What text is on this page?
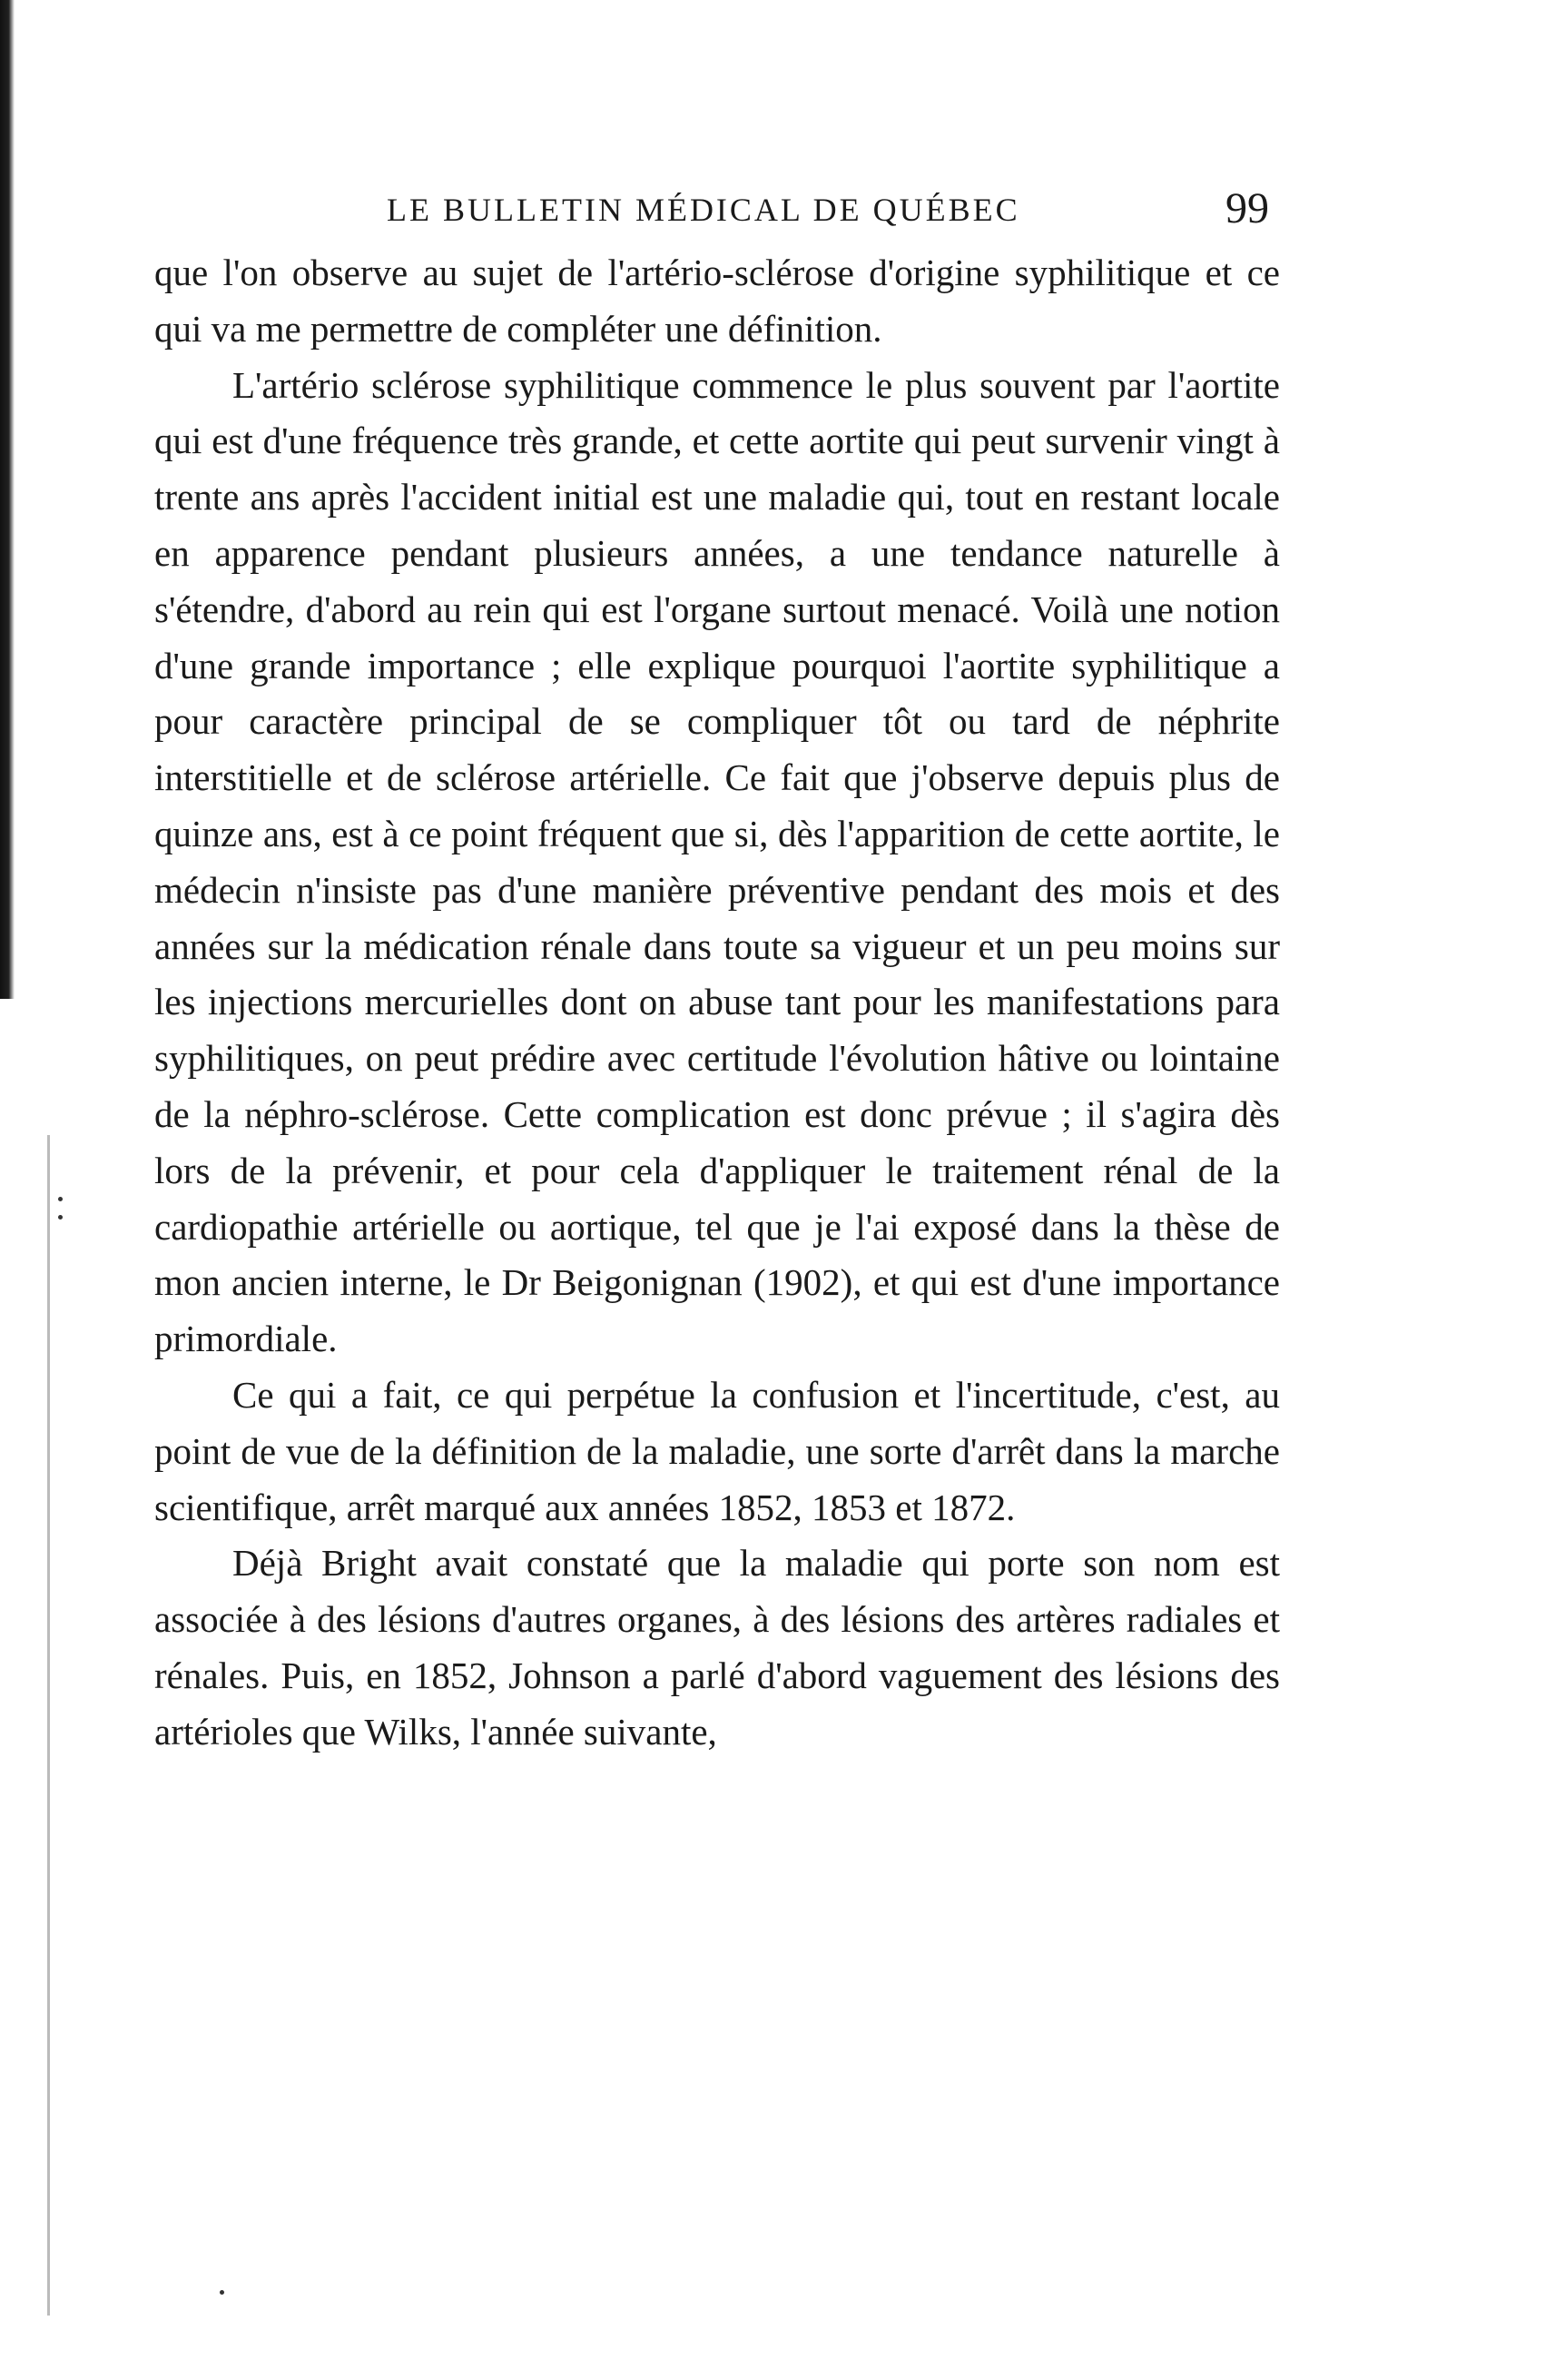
LE BULLETIN MÉDICAL DE QUÉBEC	99

que l'on observe au sujet de l'artério-sclérose d'origine syphilitique et ce qui va me permettre de compléter une définition.

L'artério sclérose syphilitique commence le plus souvent par l'aortite qui est d'une fréquence très grande, et cette aortite qui peut survenir vingt à trente ans après l'accident initial est une maladie qui, tout en restant locale en apparence pendant plusieurs années, a une tendance naturelle à s'étendre, d'abord au rein qui est l'organe surtout menacé. Voilà une notion d'une grande importance ; elle explique pourquoi l'aortite syphilitique a pour caractère principal de se compliquer tôt ou tard de néphrite interstitielle et de sclérose artérielle. Ce fait que j'observe depuis plus de quinze ans, est à ce point fréquent que si, dès l'apparition de cette aortite, le médecin n'insiste pas d'une manière préventive pendant des mois et des années sur la médication rénale dans toute sa vigueur et un peu moins sur les injections mercurielles dont on abuse tant pour les manifestations para syphilitiques, on peut prédire avec certitude l'évolution hâtive ou lointaine de la néphro-sclérose. Cette complication est donc prévue ; il s'agira dès lors de la prévenir, et pour cela d'appliquer le traitement rénal de la cardiopathie artérielle ou aortique, tel que je l'ai exposé dans la thèse de mon ancien interne, le Dr Beigonignan (1902), et qui est d'une importance primordiale.

Ce qui a fait, ce qui perpétue la confusion et l'incertitude, c'est, au point de vue de la définition de la maladie, une sorte d'arrêt dans la marche scientifique, arrêt marqué aux années 1852, 1853 et 1872.

Déjà Bright avait constaté que la maladie qui porte son nom est associée à des lésions d'autres organes, à des lésions des artères radiales et rénales. Puis, en 1852, Johnson a parlé d'abord vaguement des lésions des artérioles que Wilks, l'année suivante,
